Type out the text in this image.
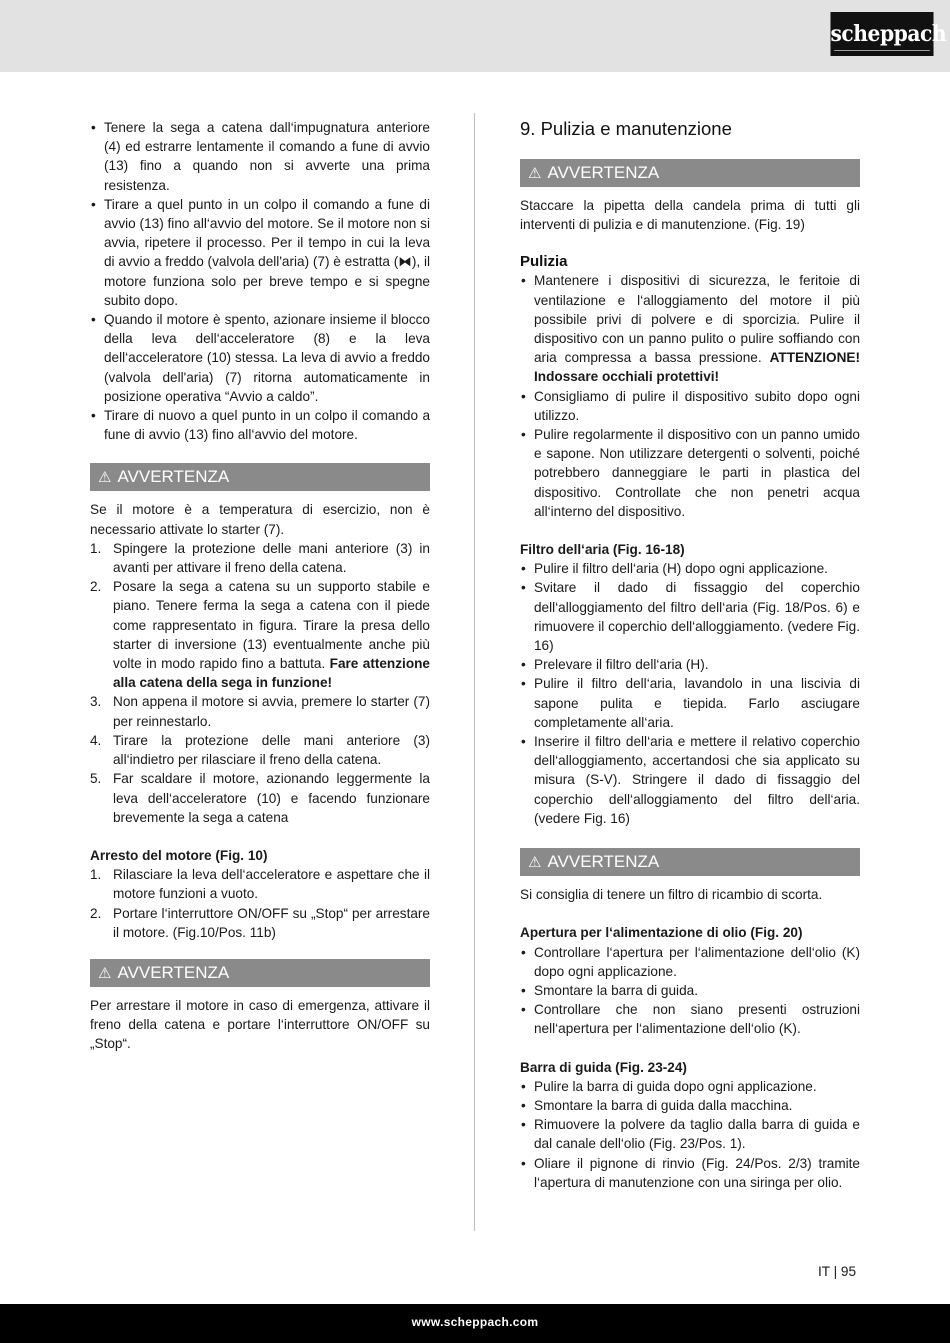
scheppach
• Tenere la sega a catena dall‘impugnatura anteriore (4) ed estrarre lentamente il comando a fune di avvio (13) fino a quando non si avverte una prima resistenza.
• Tirare a quel punto in un colpo il comando a fune di avvio (13) fino all‘avvio del motore. Se il motore non si avvia, ripetere il processo. Per il tempo in cui la leva di avvio a freddo (valvola dell'aria) (7) è estratta (⧓), il motore funziona solo per breve tempo e si spegne subito dopo.
• Quando il motore è spento, azionare insieme il blocco della leva dell‘acceleratore (8) e la leva dell‘acceleratore (10) stessa. La leva di avvio a freddo (valvola dell'aria) (7) ritorna automaticamente in posizione operativa “Avvio a caldo”.
• Tirare di nuovo a quel punto in un colpo il comando a fune di avvio (13) fino all‘avvio del motore.
⚠ AVVERTENZA

Se il motore è a temperatura di esercizio, non è necessario attivate lo starter (7).

1. Spingere la protezione delle mani anteriore (3) in avanti per attivare il freno della catena.
2. Posare la sega a catena su un supporto stabile e piano. Tenere ferma la sega a catena con il piede come rappresentato in figura. Tirare la presa dello starter di inversione (13) eventualmente anche più volte in modo rapido fino a battuta. Fare attenzione alla catena della sega in funzione!
3. Non appena il motore si avvia, premere lo starter (7) per reinnestarlo.
4. Tirare la protezione delle mani anteriore (3) all‘indietro per rilasciare il freno della catena.
5. Far scaldare il motore, azionando leggermente la leva dell‘acceleratore (10) e facendo funzionare brevemente la sega a catena

Arresto del motore (Fig. 10)

1. Rilasciare la leva dell‘acceleratore e aspettare che il motore funzioni a vuoto.
2. Portare l‘interruttore ON/OFF su „Stop“ per arrestare il motore. (Fig.10/Pos. 11b)
⚠ AVVERTENZA

Per arrestare il motore in caso di emergenza, attivare il freno della catena e portare l‘interruttore ON/OFF su „Stop“.

9. Pulizia e manutenzione
⚠ AVVERTENZA

Staccare la pipetta della candela prima di tutti gli interventi di pulizia e di manutenzione. (Fig. 19)

Pulizia

• Mantenere i dispositivi di sicurezza, le feritoie di ventilazione e l‘alloggiamento del motore il più possibile privi di polvere e di sporcizia. Pulire il dispositivo con un panno pulito o pulire soffiando con aria compressa a bassa pressione. ATTENZIONE! Indossare occhiali protettivi!
• Consigliamo di pulire il dispositivo subito dopo ogni utilizzo.
• Pulire regolarmente il dispositivo con un panno umido e sapone. Non utilizzare detergenti o solventi, poiché potrebbero danneggiare le parti in plastica del dispositivo. Controllate che non penetri acqua all‘interno del dispositivo.

Filtro dell‘aria (Fig. 16-18)

• Pulire il filtro dell‘aria (H) dopo ogni applicazione.
• Svitare il dado di fissaggio del coperchio dell‘alloggiamento del filtro dell‘aria (Fig. 18/Pos. 6) e rimuovere il coperchio dell‘alloggiamento. (vedere Fig. 16)
• Prelevare il filtro dell‘aria (H).
• Pulire il filtro dell‘aria, lavandolo in una liscivia di sapone pulita e tiepida. Farlo asciugare completamente all‘aria.
• Inserire il filtro dell‘aria e mettere il relativo coperchio dell‘alloggiamento, accertandosi che sia applicato su misura (S-V). Stringere il dado di fissaggio del coperchio dell‘alloggiamento del filtro dell‘aria. (vedere Fig. 16)
⚠ AVVERTENZA

Si consiglia di tenere un filtro di ricambio di scorta.

Apertura per l‘alimentazione di olio (Fig. 20)

• Controllare l‘apertura per l‘alimentazione dell‘olio (K) dopo ogni applicazione.
• Smontare la barra di guida.
• Controllare che non siano presenti ostruzioni nell‘apertura per l‘alimentazione dell‘olio (K).

Barra di guida (Fig. 23-24)

• Pulire la barra di guida dopo ogni applicazione.
• Smontare la barra di guida dalla macchina.
• Rimuovere la polvere da taglio dalla barra di guida e dal canale dell‘olio (Fig. 23/Pos. 1).
• Oliare il pignone di rinvio (Fig. 24/Pos. 2/3) tramite l‘apertura di manutenzione con una siringa per olio.
IT | 95
www.scheppach.com
